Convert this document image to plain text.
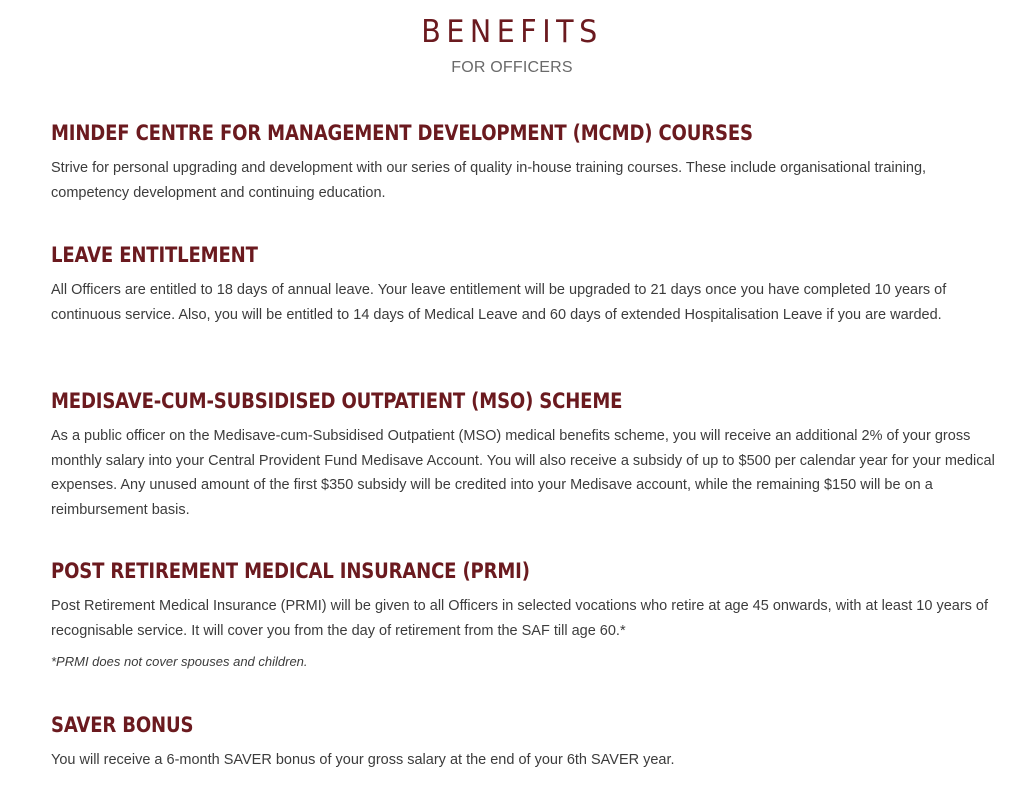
BENEFITS
FOR OFFICERS
MINDEF CENTRE FOR MANAGEMENT DEVELOPMENT (MCMD) COURSES

Strive for personal upgrading and development with our series of quality in-house training courses. These include organisational training, competency development and continuing education.

LEAVE ENTITLEMENT

All Officers are entitled to 18 days of annual leave. Your leave entitlement will be upgraded to 21 days once you have completed 10 years of continuous service. Also, you will be entitled to 14 days of Medical Leave and 60 days of extended Hospitalisation Leave if you are warded.

MEDISAVE-CUM-SUBSIDISED OUTPATIENT (MSO) SCHEME

As a public officer on the Medisave-cum-Subsidised Outpatient (MSO) medical benefits scheme, you will receive an additional 2% of your gross monthly salary into your Central Provident Fund Medisave Account. You will also receive a subsidy of up to $500 per calendar year for your medical expenses. Any unused amount of the first $350 subsidy will be credited into your Medisave account, while the remaining $150 will be on a reimbursement basis.

POST RETIREMENT MEDICAL INSURANCE (PRMI)

Post Retirement Medical Insurance (PRMI) will be given to all Officers in selected vocations who retire at age 45 onwards, with at least 10 years of recognisable service. It will cover you from the day of retirement from the SAF till age 60.*

*PRMI does not cover spouses and children.

SAVER BONUS

You will receive a 6-month SAVER bonus of your gross salary at the end of your 6th SAVER year.
